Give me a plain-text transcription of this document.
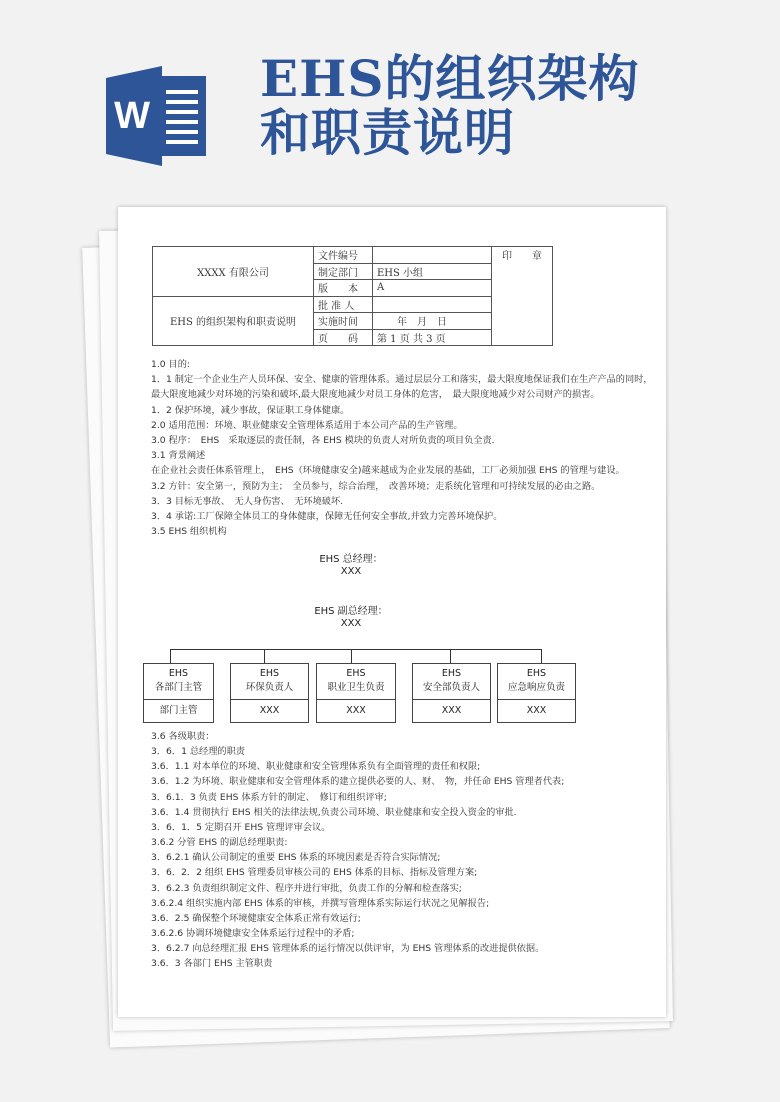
W
EHS的组织架构
和职责说明
XXXX 有限公司	文件编号		印　　章
	制定部门	EHS 小组	
	版　　本	A	
EHS 的组织架构和职责说明	批 准 人		
	实施时间	　　年　月　日	
	页　　码	第 1 页 共 3 页	
1.0 目的:
1．1 制定一个企业生产人员环保、安全、健康的管理体系。通过层层分工和落实，最大限度地保证我们在生产产品的同时，　最大限度地减少对环境的污染和破坏,最大限度地减少对员工身体的危害，　最大限度地减少对公司财产的损害。
1．2 保护环境，减少事故，保证职工身体健康。
2.0 适用范围：环境、职业健康安全管理体系适用于本公司产品的生产管理。
3.0 程序：　EHS　采取逐层的责任制，各 EHS 模块的负责人对所负责的项目负全责.
3.1 背景阐述
在企业社会责任体系管理上，　EHS（环境健康安全)越来越成为企业发展的基础，工厂必须加强 EHS 的管理与建设。
3.2 方针：安全第一，预防为主；　全员参与，综合治理，　改善环境；走系统化管理和可持续发展的必由之路。
3．3 目标无事故、　无人身伤害、　无环境破坏.
3．4 承诺:工厂保障全体员工的身体健康，保障无任何安全事故,并致力完善环境保护。
3.5 EHS 组织机构
EHS 总经理：
XXX
EHS 副总经理：
XXX
EHS
各部门主管
部门主管
EHS
环保负责人
XXX
EHS
职业卫生负责
XXX
EHS
安全部负责人
XXX
EHS
应急响应负责
XXX
3.6 各级职责：
3．6．1 总经理的职责
3.6．1.1 对本单位的环境、职业健康和安全管理体系负有全面管理的责任和权限;
3.6．1.2 为环境、职业健康和安全管理体系的建立提供必要的人、财、　物，并任命 EHS 管理者代表;
3．6.1．3 负责 EHS 体系方针的制定、　修订和组织评审;
3.6．1.4 贯彻执行 EHS 相关的法律法规,负责公司环境、职业健康和安全投入资金的审批.
3．6．1．5 定期召开 EHS 管理评审会议。
3.6.2 分管 EHS 的副总经理职责:
3．6.2.1 确认公司制定的重要 EHS 体系的环境因素是否符合实际情况;
3．6．2．2 组织 EHS 管理委员审核公司的 EHS 体系的目标、指标及管理方案;
3．6.2.3 负责组织制定文件、程序并进行审批，负责工作的分解和检查落实;
3.6.2.4 组织实施内部 EHS 体系的审核，并撰写管理体系实际运行状况之见解报告;
3.6．2.5 确保整个环境健康安全体系正常有效运行;
3.6.2.6 协调环境健康安全体系运行过程中的矛盾;
3．6.2.7 向总经理汇报 EHS 管理体系的运行情况以供评审，为 EHS 管理体系的改进提供依据。
3.6．3 各部门 EHS 主管职责
